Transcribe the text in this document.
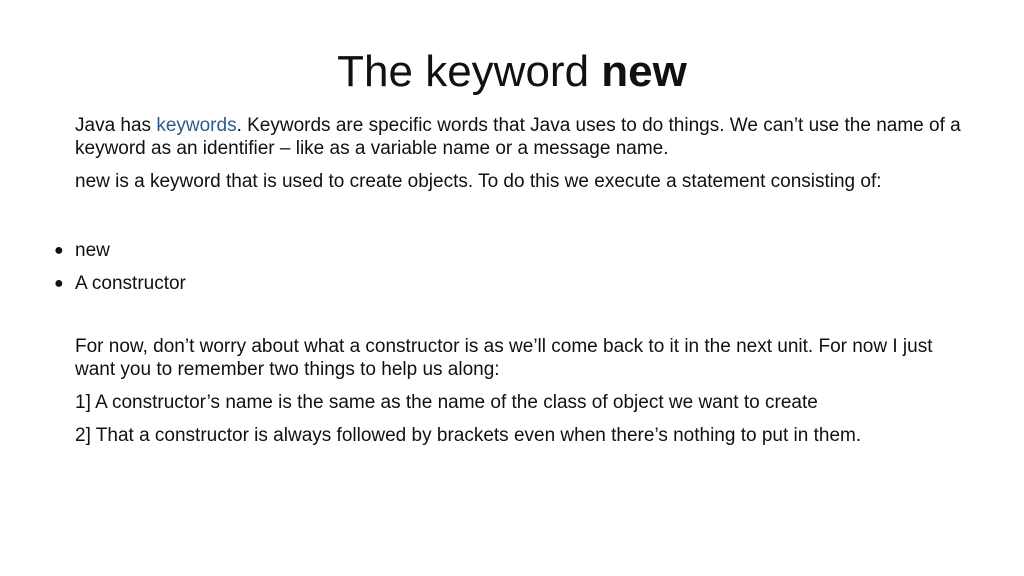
The keyword new

Java has keywords. Keywords are specific words that Java uses to do things. We can’t use the name of a keyword as an identifier – like as a variable name or a message name.

new is a keyword that is used to create objects. To do this we execute a statement consisting of:

● new
● A constructor

For now, don’t worry about what a constructor is as we’ll come back to it in the next unit. For now I just want you to remember two things to help us along:

1] A constructor’s name is the same as the name of the class of object we want to create

2] That a constructor is always followed by brackets even when there’s nothing to put in them.
